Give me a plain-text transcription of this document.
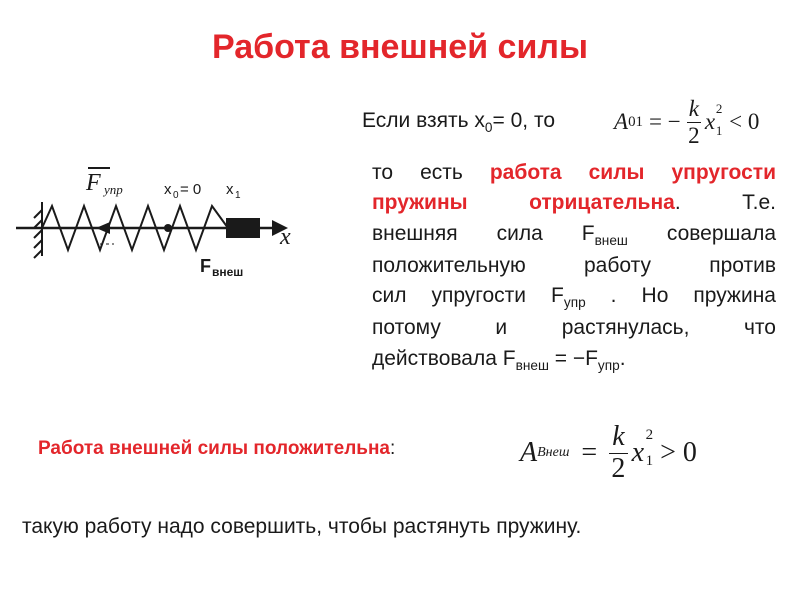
Работа внешней силы
Если взять $x_0= 0$, то	A 01 = − $\frac{k}{2}$ x
2
1 < 0
F упр	x 0 = 0 x 1
x
F внеш
то есть работа силы упругости
пружины отрицательна. Т.е.
внешняя сила $F_{внеш}$ совершала
положительную работу против
сил упругости $F_{упр}$ . Но пружина
потому и растянулась, что
действовала $F_{внеш} = -F_{упр}$.
Работа внешней силы положительна:	A Внеш = $\frac{k}{2}$ x
2
1 > 0
такую работу надо совершить, чтобы растянуть пружину.
